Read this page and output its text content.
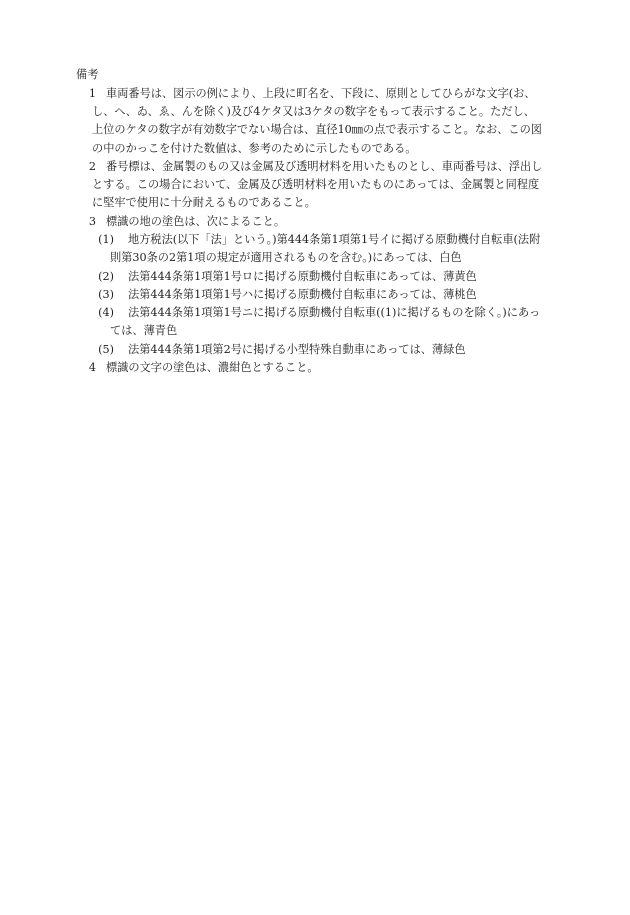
備考
1 車両番号は、図示の例により、上段に町名を、下段に、原則としてひらがな文字(お、し、へ、ゐ、ゑ、んを除く)及び4ケタ又は3ケタの数字をもって表示すること。ただし、上位のケタの数字が有効数字でない場合は、直径10㎜の点で表示すること。なお、この図の中のかっこを付けた数値は、参考のために示したものである。
2 番号標は、金属製のもの又は金属及び透明材料を用いたものとし、車両番号は、浮出しとする。この場合において、金属及び透明材料を用いたものにあっては、金属製と同程度に堅牢で使用に十分耐えるものであること。
3 標識の地の塗色は、次によること。
(1)	地方税法(以下「法」という。)第444条第1項第1号イに掲げる原動機付自転車(法附則第30条の2第1項の規定が適用されるものを含む。)にあっては、白色
(2)	法第444条第1項第1号ロに掲げる原動機付自転車にあっては、薄黄色
(3)	法第444条第1項第1号ハに掲げる原動機付自転車にあっては、薄桃色
(4)	法第444条第1項第1号ニに掲げる原動機付自転車((1)に掲げるものを除く。)にあっては、薄青色
(5)	法第444条第1項第2号に掲げる小型特殊自動車にあっては、薄緑色
4 標識の文字の塗色は、濃紺色とすること。
